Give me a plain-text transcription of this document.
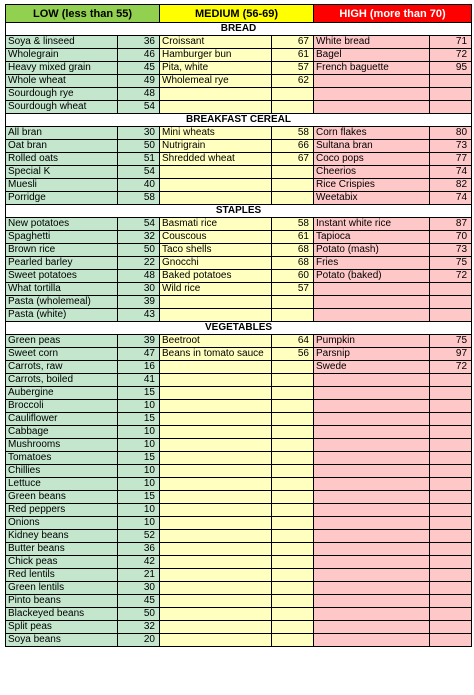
LOW (less than 55)		MEDIUM (56-69)		HIGH (more than 70)	
BREAD					
Soya & linseed	36	Croissant	67	White bread	71
Wholegrain	46	Hamburger bun	61	Bagel	72
Heavy mixed grain	45	Pita, white	57	French baguette	95
Whole wheat	49	Wholemeal rye	62		
Sourdough rye	48				
Sourdough wheat	54				
BREAKFAST CEREAL					
All bran	30	Mini wheats	58	Corn flakes	80
Oat bran	50	Nutrigrain	66	Sultana bran	73
Rolled oats	51	Shredded wheat	67	Coco pops	77
Special K	54			Cheerios	74
Muesli	40			Rice Crispies	82
Porridge	58			Weetabix	74
STAPLES					
New potatoes	54	Basmati rice	58	Instant white rice	87
Spaghetti	32	Couscous	61	Tapioca	70
Brown rice	50	Taco shells	68	Potato (mash)	73
Pearled barley	22	Gnocchi	68	Fries	75
Sweet potatoes	48	Baked potatoes	60	Potato (baked)	72
What tortilla	30	Wild rice	57		
Pasta (wholemeal)	39				
Pasta (white)	43				
VEGETABLES					
Green peas	39	Beetroot	64	Pumpkin	75
Sweet corn	47	Beans in tomato sauce	56	Parsnip	97
Carrots, raw	16			Swede	72
Carrots, boiled	41				
Aubergine	15				
Broccoli	10				
Cauliflower	15				
Cabbage	10				
Mushrooms	10				
Tomatoes	15				
Chillies	10				
Lettuce	10				
Green beans	15				
Red peppers	10				
Onions	10				
Kidney beans	52				
Butter beans	36				
Chick peas	42				
Red lentils	21				
Green lentils	30				
Pinto beans	45				
Blackeyed beans	50				
Split peas	32				
Soya beans	20				
